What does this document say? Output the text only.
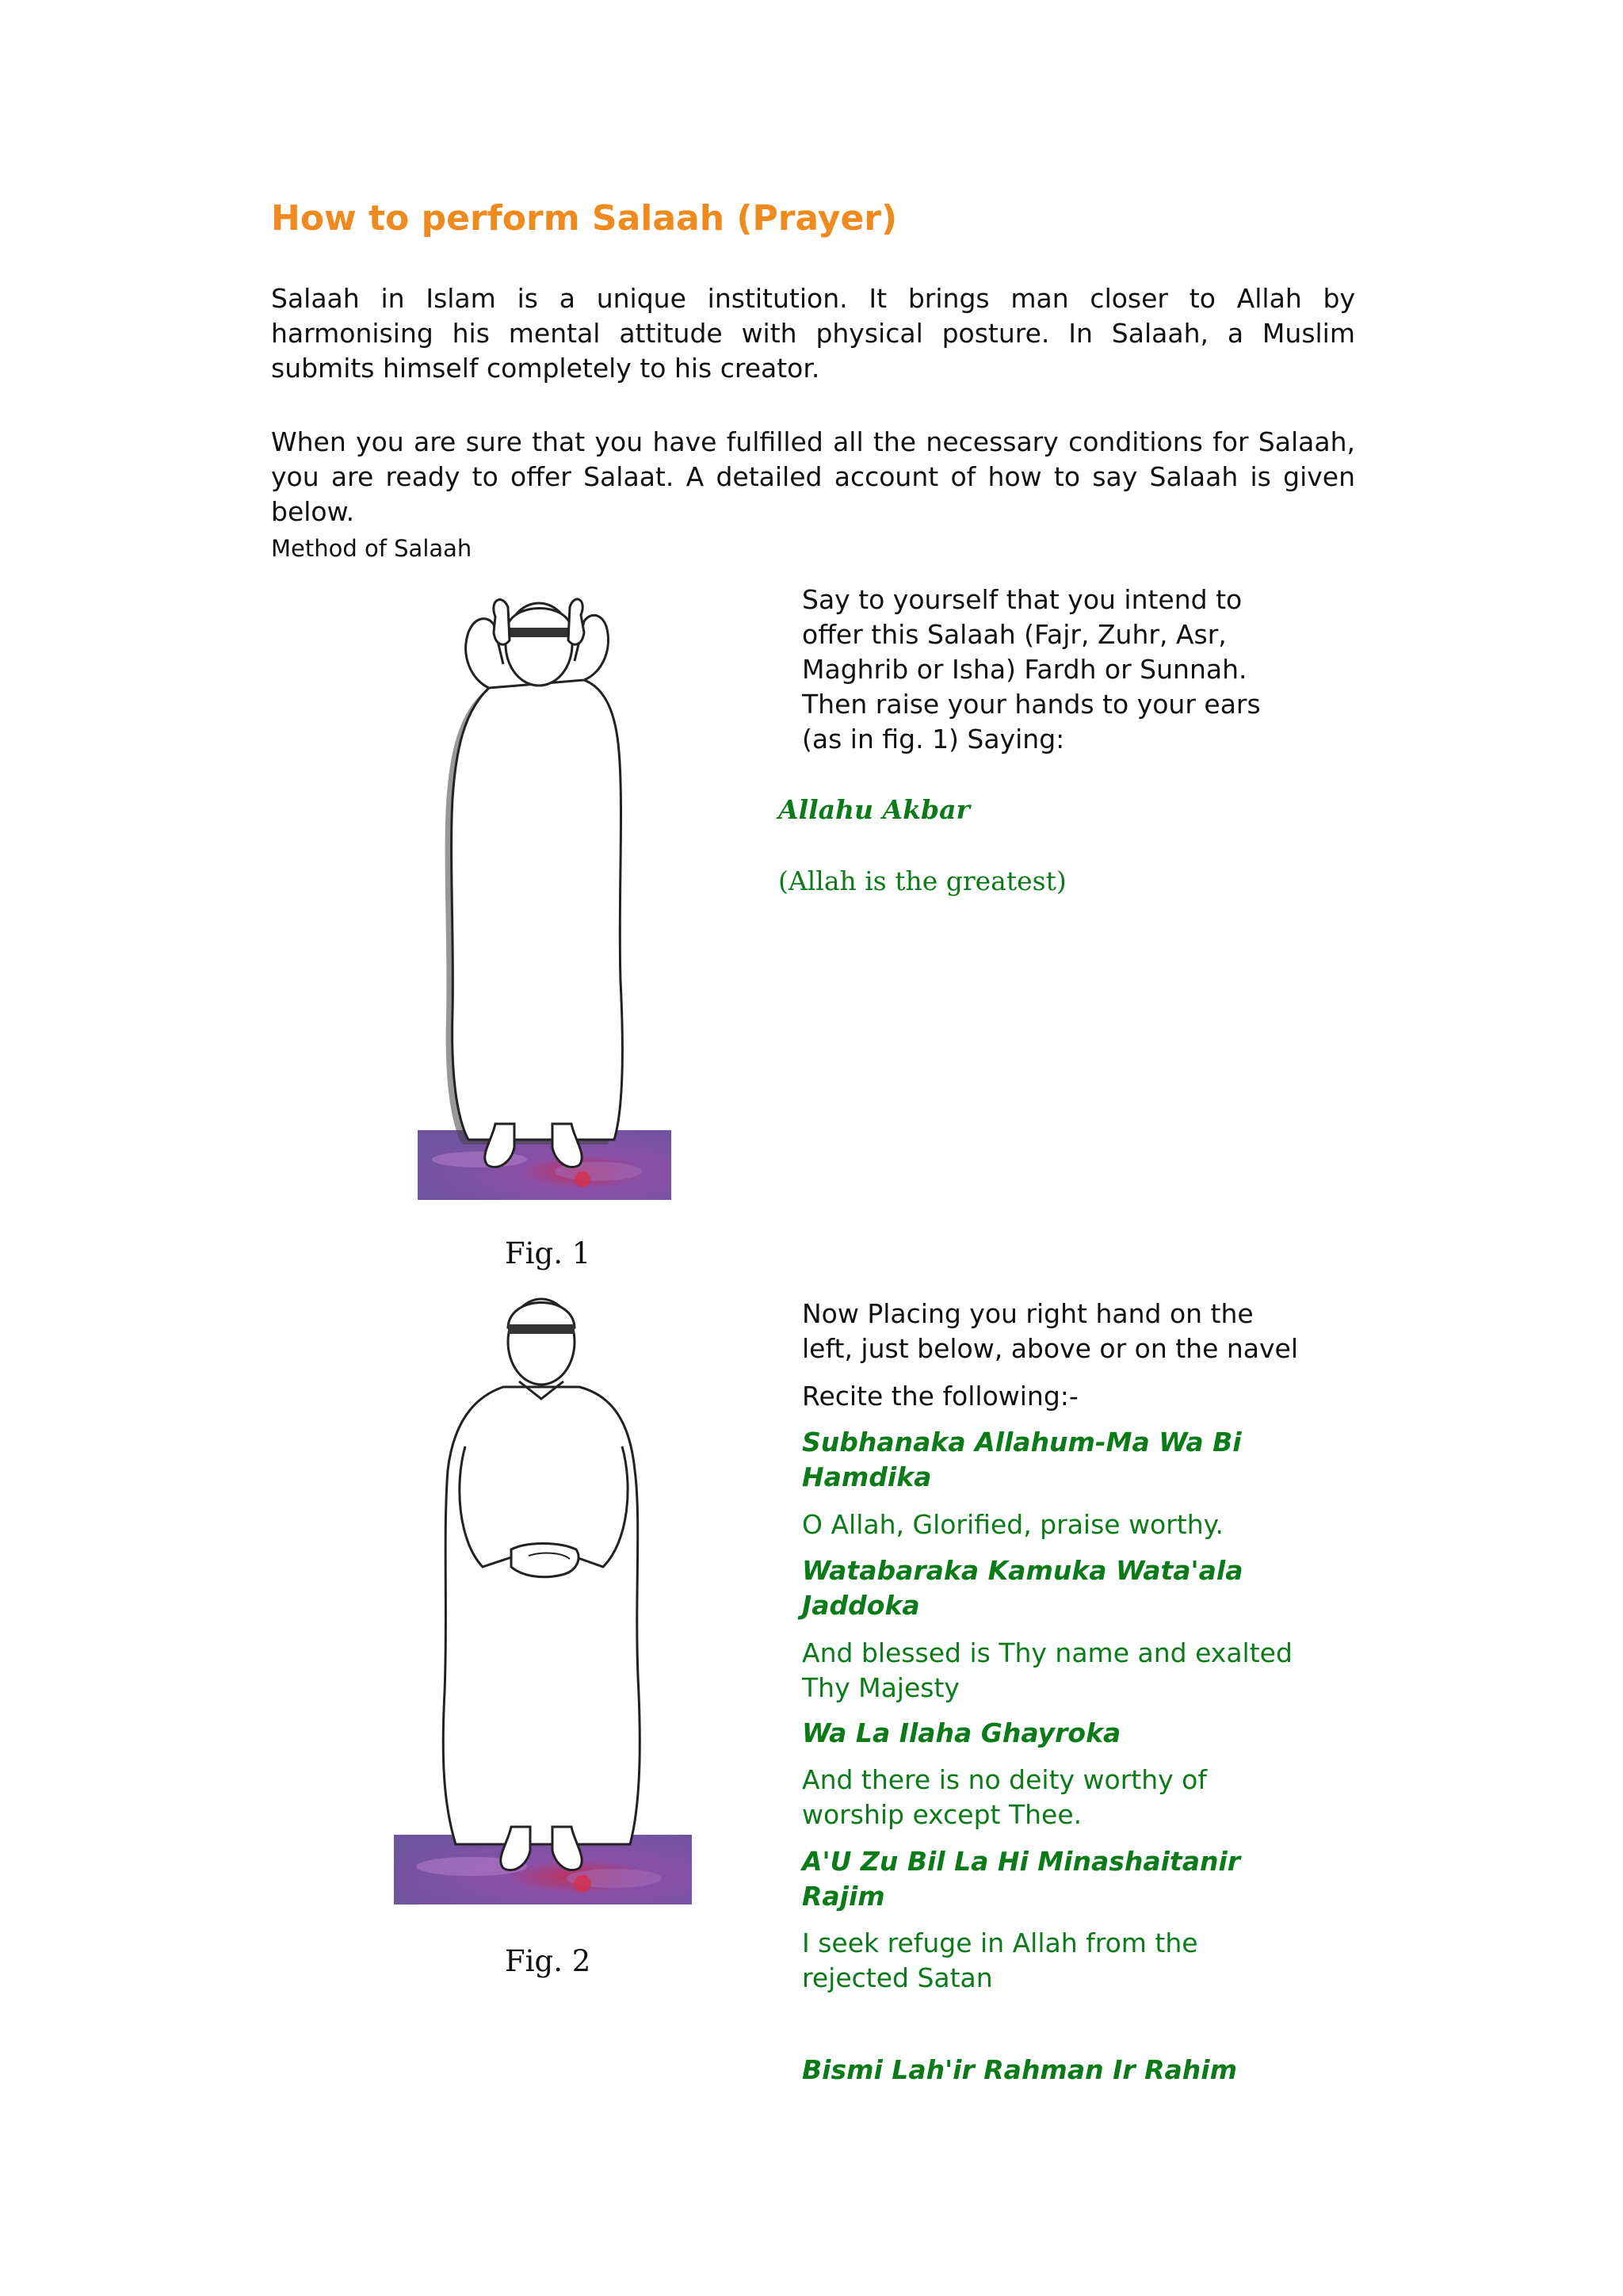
How to perform Salaah (Prayer)

Salaah in Islam is a unique institution. It brings man closer to Allah by harmonising his mental attitude with physical posture. In Salaah, a Muslim submits himself completely to his creator.

When you are sure that you have fulfilled all the necessary conditions for Salaah, you are ready to offer Salaat. A detailed account of how to say Salaah is given below.

Method of Salaah

Fig. 1

Say to yourself that you intend to offer this Salaah (Fajr, Zuhr, Asr, Maghrib or Isha) Fardh or Sunnah. Then raise your hands to your ears (as in fig. 1) Saying:

Allahu Akbar

(Allah is the greatest)

Fig. 2

Now Placing you right hand on the left, just below, above or on the navel

Recite the following:-

Subhanaka Allahum-Ma Wa Bi Hamdika

O Allah, Glorified, praise worthy.

Watabaraka Kamuka Wata'ala Jaddoka

And blessed is Thy name and exalted Thy Majesty

Wa La Ilaha Ghayroka

And there is no deity worthy of worship except Thee.

A'U Zu Bil La Hi Minashaitanir Rajim

I seek refuge in Allah from the rejected Satan

Bismi Lah'ir Rahman Ir Rahim
